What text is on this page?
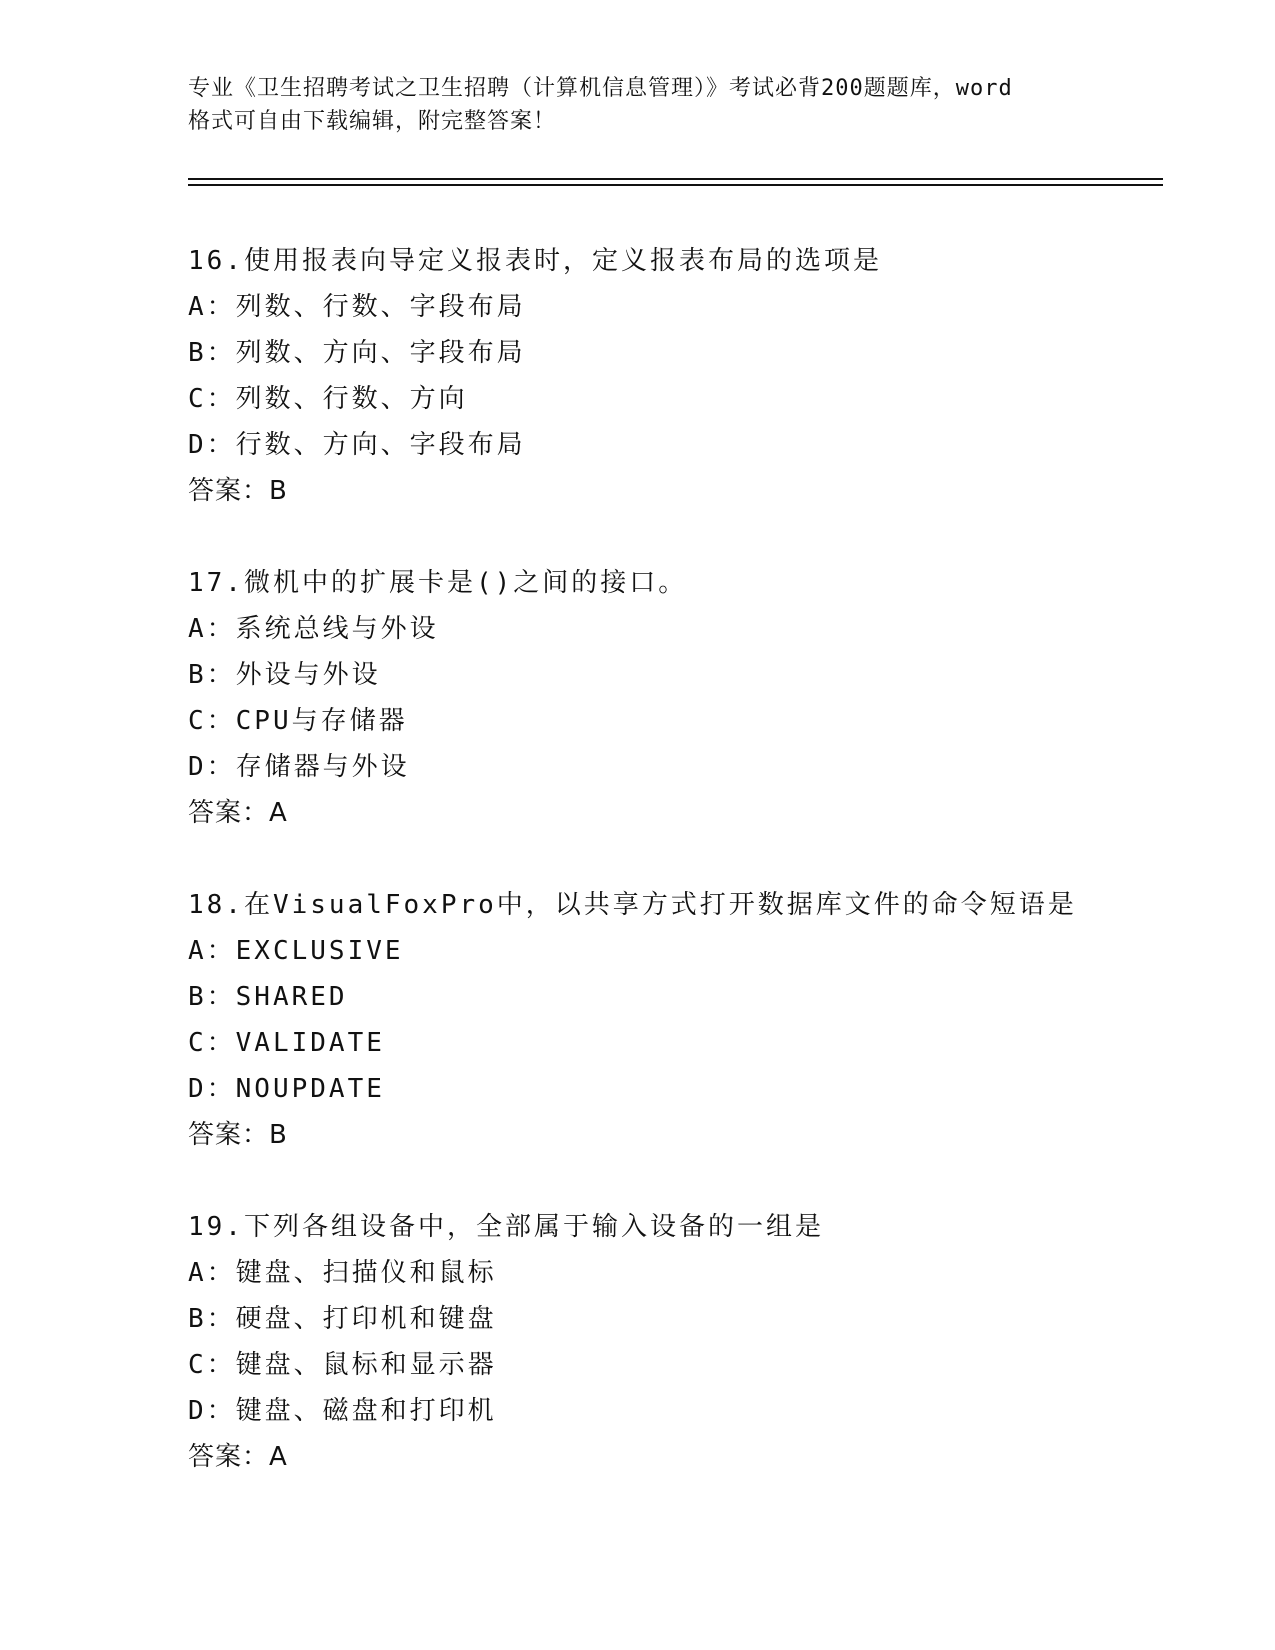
专业《卫生招聘考试之卫生招聘（计算机信息管理）》考试必背200题题库，word
格式可自由下载编辑，附完整答案！
16.使用报表向导定义报表时，定义报表布局的选项是
A：列数、行数、字段布局
B：列数、方向、字段布局
C：列数、行数、方向
D：行数、方向、字段布局
答案：B
17.微机中的扩展卡是()之间的接口。
A：系统总线与外设
B：外设与外设
C：CPU与存储器
D：存储器与外设
答案：A
18.在VisualFoxPro中，以共享方式打开数据库文件的命令短语是
A：EXCLUSIVE
B：SHARED
C：VALIDATE
D：NOUPDATE
答案：B
19.下列各组设备中，全部属于输入设备的一组是
A：键盘、扫描仪和鼠标
B：硬盘、打印机和键盘
C：键盘、鼠标和显示器
D：键盘、磁盘和打印机
答案：A
